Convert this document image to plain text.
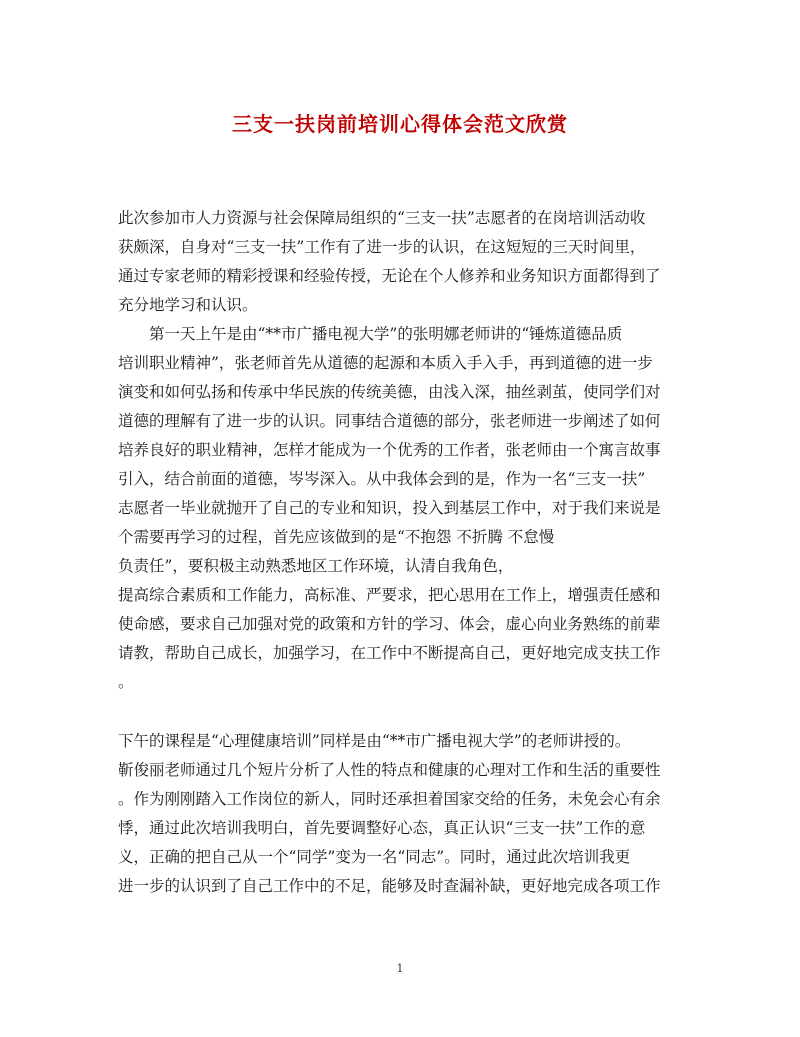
三支一扶岗前培训心得体会范文欣赏
此次参加市人力资源与社会保障局组织的“三支一扶”志愿者的在岗培训活动收
获颇深，自身对“三支一扶”工作有了进一步的认识，在这短短的三天时间里，
通过专家老师的精彩授课和经验传授，无论在个人修养和业务知识方面都得到了
充分地学习和认识。
第一天上午是由“**市广播电视大学”的张明娜老师讲的“锤炼道德品质
培训职业精神”，张老师首先从道德的起源和本质入手入手，再到道德的进一步
演变和如何弘扬和传承中华民族的传统美德，由浅入深，抽丝剥茧，使同学们对
道德的理解有了进一步的认识。同事结合道德的部分，张老师进一步阐述了如何
培养良好的职业精神，怎样才能成为一个优秀的工作者，张老师由一个寓言故事
引入，结合前面的道德，岑岑深入。从中我体会到的是，作为一名“三支一扶”
志愿者一毕业就抛开了自己的专业和知识，投入到基层工作中，对于我们来说是
个需要再学习的过程，首先应该做到的是“不抱怨 不折腾 不怠慢
负责任”，要积极主动熟悉地区工作环境，认清自我角色，
提高综合素质和工作能力，高标准、严要求，把心思用在工作上，增强责任感和
使命感，要求自己加强对党的政策和方针的学习、体会，虚心向业务熟练的前辈
请教，帮助自己成长，加强学习，在工作中不断提高自己，更好地完成支扶工作
。
下午的课程是“心理健康培训”同样是由“**市广播电视大学”的老师讲授的。
靳俊丽老师通过几个短片分析了人性的特点和健康的心理对工作和生活的重要性
。作为刚刚踏入工作岗位的新人，同时还承担着国家交给的任务，未免会心有余
悸，通过此次培训我明白，首先要调整好心态，真正认识“三支一扶”工作的意
义，正确的把自己从一个“同学”变为一名“同志”。同时，通过此次培训我更
进一步的认识到了自己工作中的不足，能够及时查漏补缺，更好地完成各项工作
1
